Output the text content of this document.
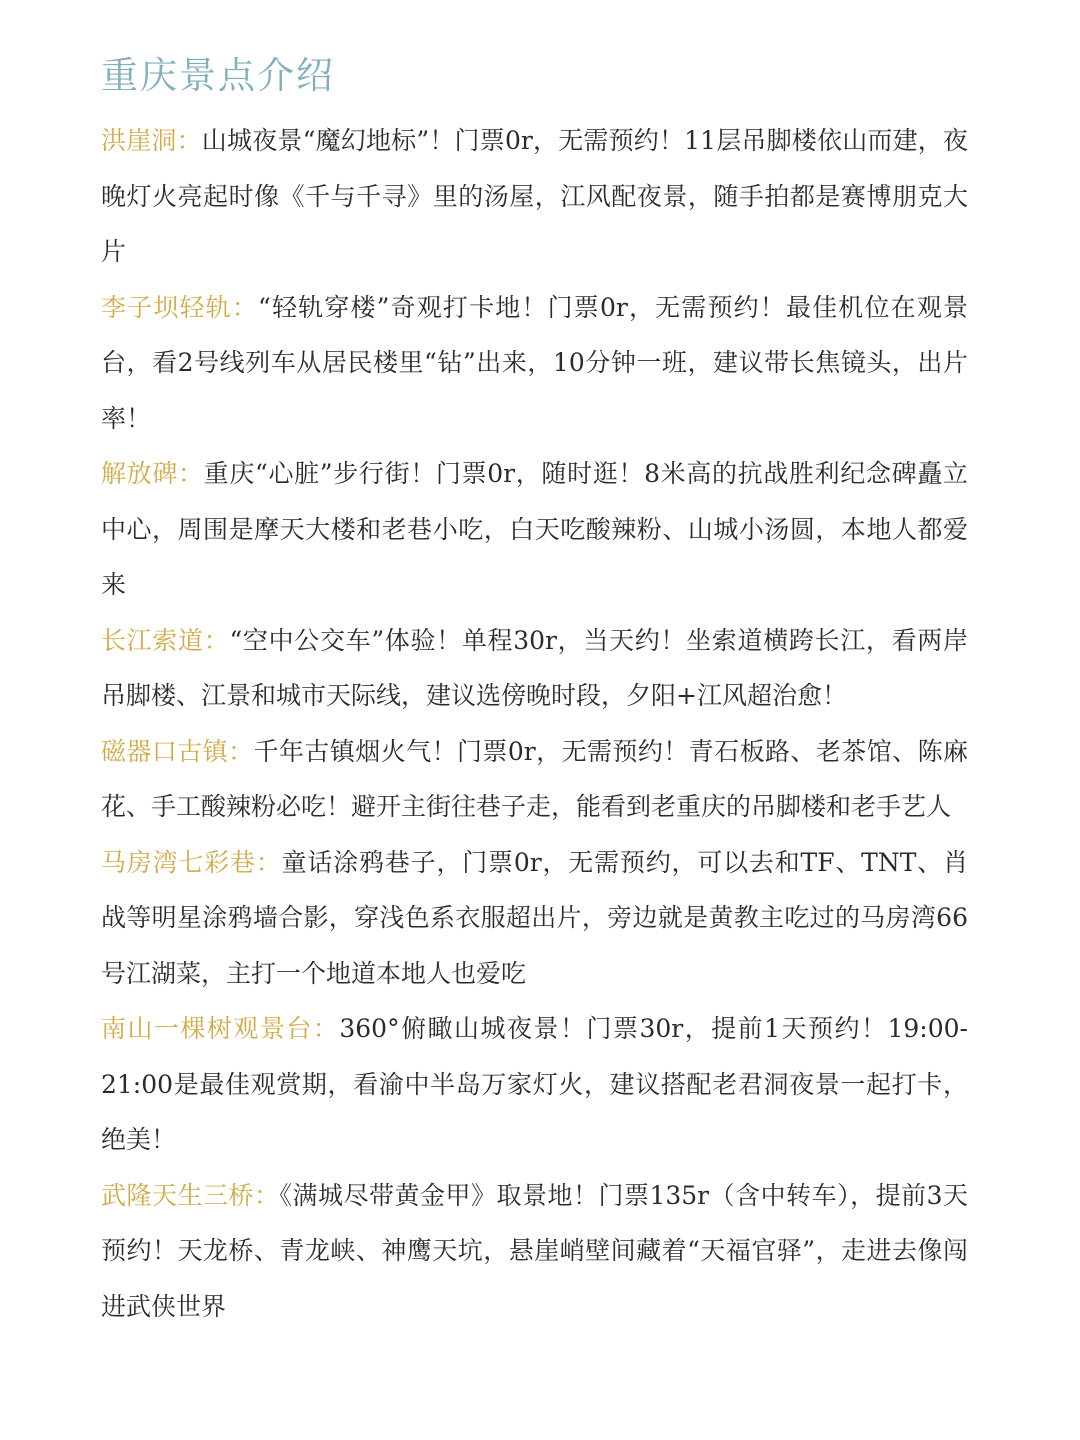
重庆景点介绍

洪崖洞：山城夜景“魔幻地标”！门票0r，无需预约！11层吊脚楼依山而建，夜晚灯火亮起时像《千与千寻》里的汤屋，江风配夜景，随手拍都是赛博朋克大片

李子坝轻轨：“轻轨穿楼”奇观打卡地！门票0r，无需预约！最佳机位在观景台，看2号线列车从居民楼里“钻”出来，10分钟一班，建议带长焦镜头，出片率！

解放碑：重庆“心脏”步行街！门票0r，随时逛！8米高的抗战胜利纪念碑矗立中心，周围是摩天大楼和老巷小吃，白天吃酸辣粉、山城小汤圆，本地人都爱来

长江索道：“空中公交车”体验！单程30r，当天约！坐索道横跨长江，看两岸吊脚楼、江景和城市天际线，建议选傍晚时段，夕阳+江风超治愈！

磁器口古镇：千年古镇烟火气！门票0r，无需预约！青石板路、老茶馆、陈麻花、手工酸辣粉必吃！避开主街往巷子走，能看到老重庆的吊脚楼和老手艺人

马房湾七彩巷：童话涂鸦巷子，门票0r，无需预约，可以去和TF、TNT、肖战等明星涂鸦墙合影，穿浅色系衣服超出片，旁边就是黄教主吃过的马房湾66号江湖菜，主打一个地道本地人也爱吃

南山一棵树观景台：360°俯瞰山城夜景！门票30r，提前1天预约！19:00-21:00是最佳观赏期，看渝中半岛万家灯火，建议搭配老君洞夜景一起打卡，绝美！

武隆天生三桥：《满城尽带黄金甲》取景地！门票135r（含中转车），提前3天预约！天龙桥、青龙峡、神鹰天坑，悬崖峭壁间藏着“天福官驿”，走进去像闯进武侠世界
